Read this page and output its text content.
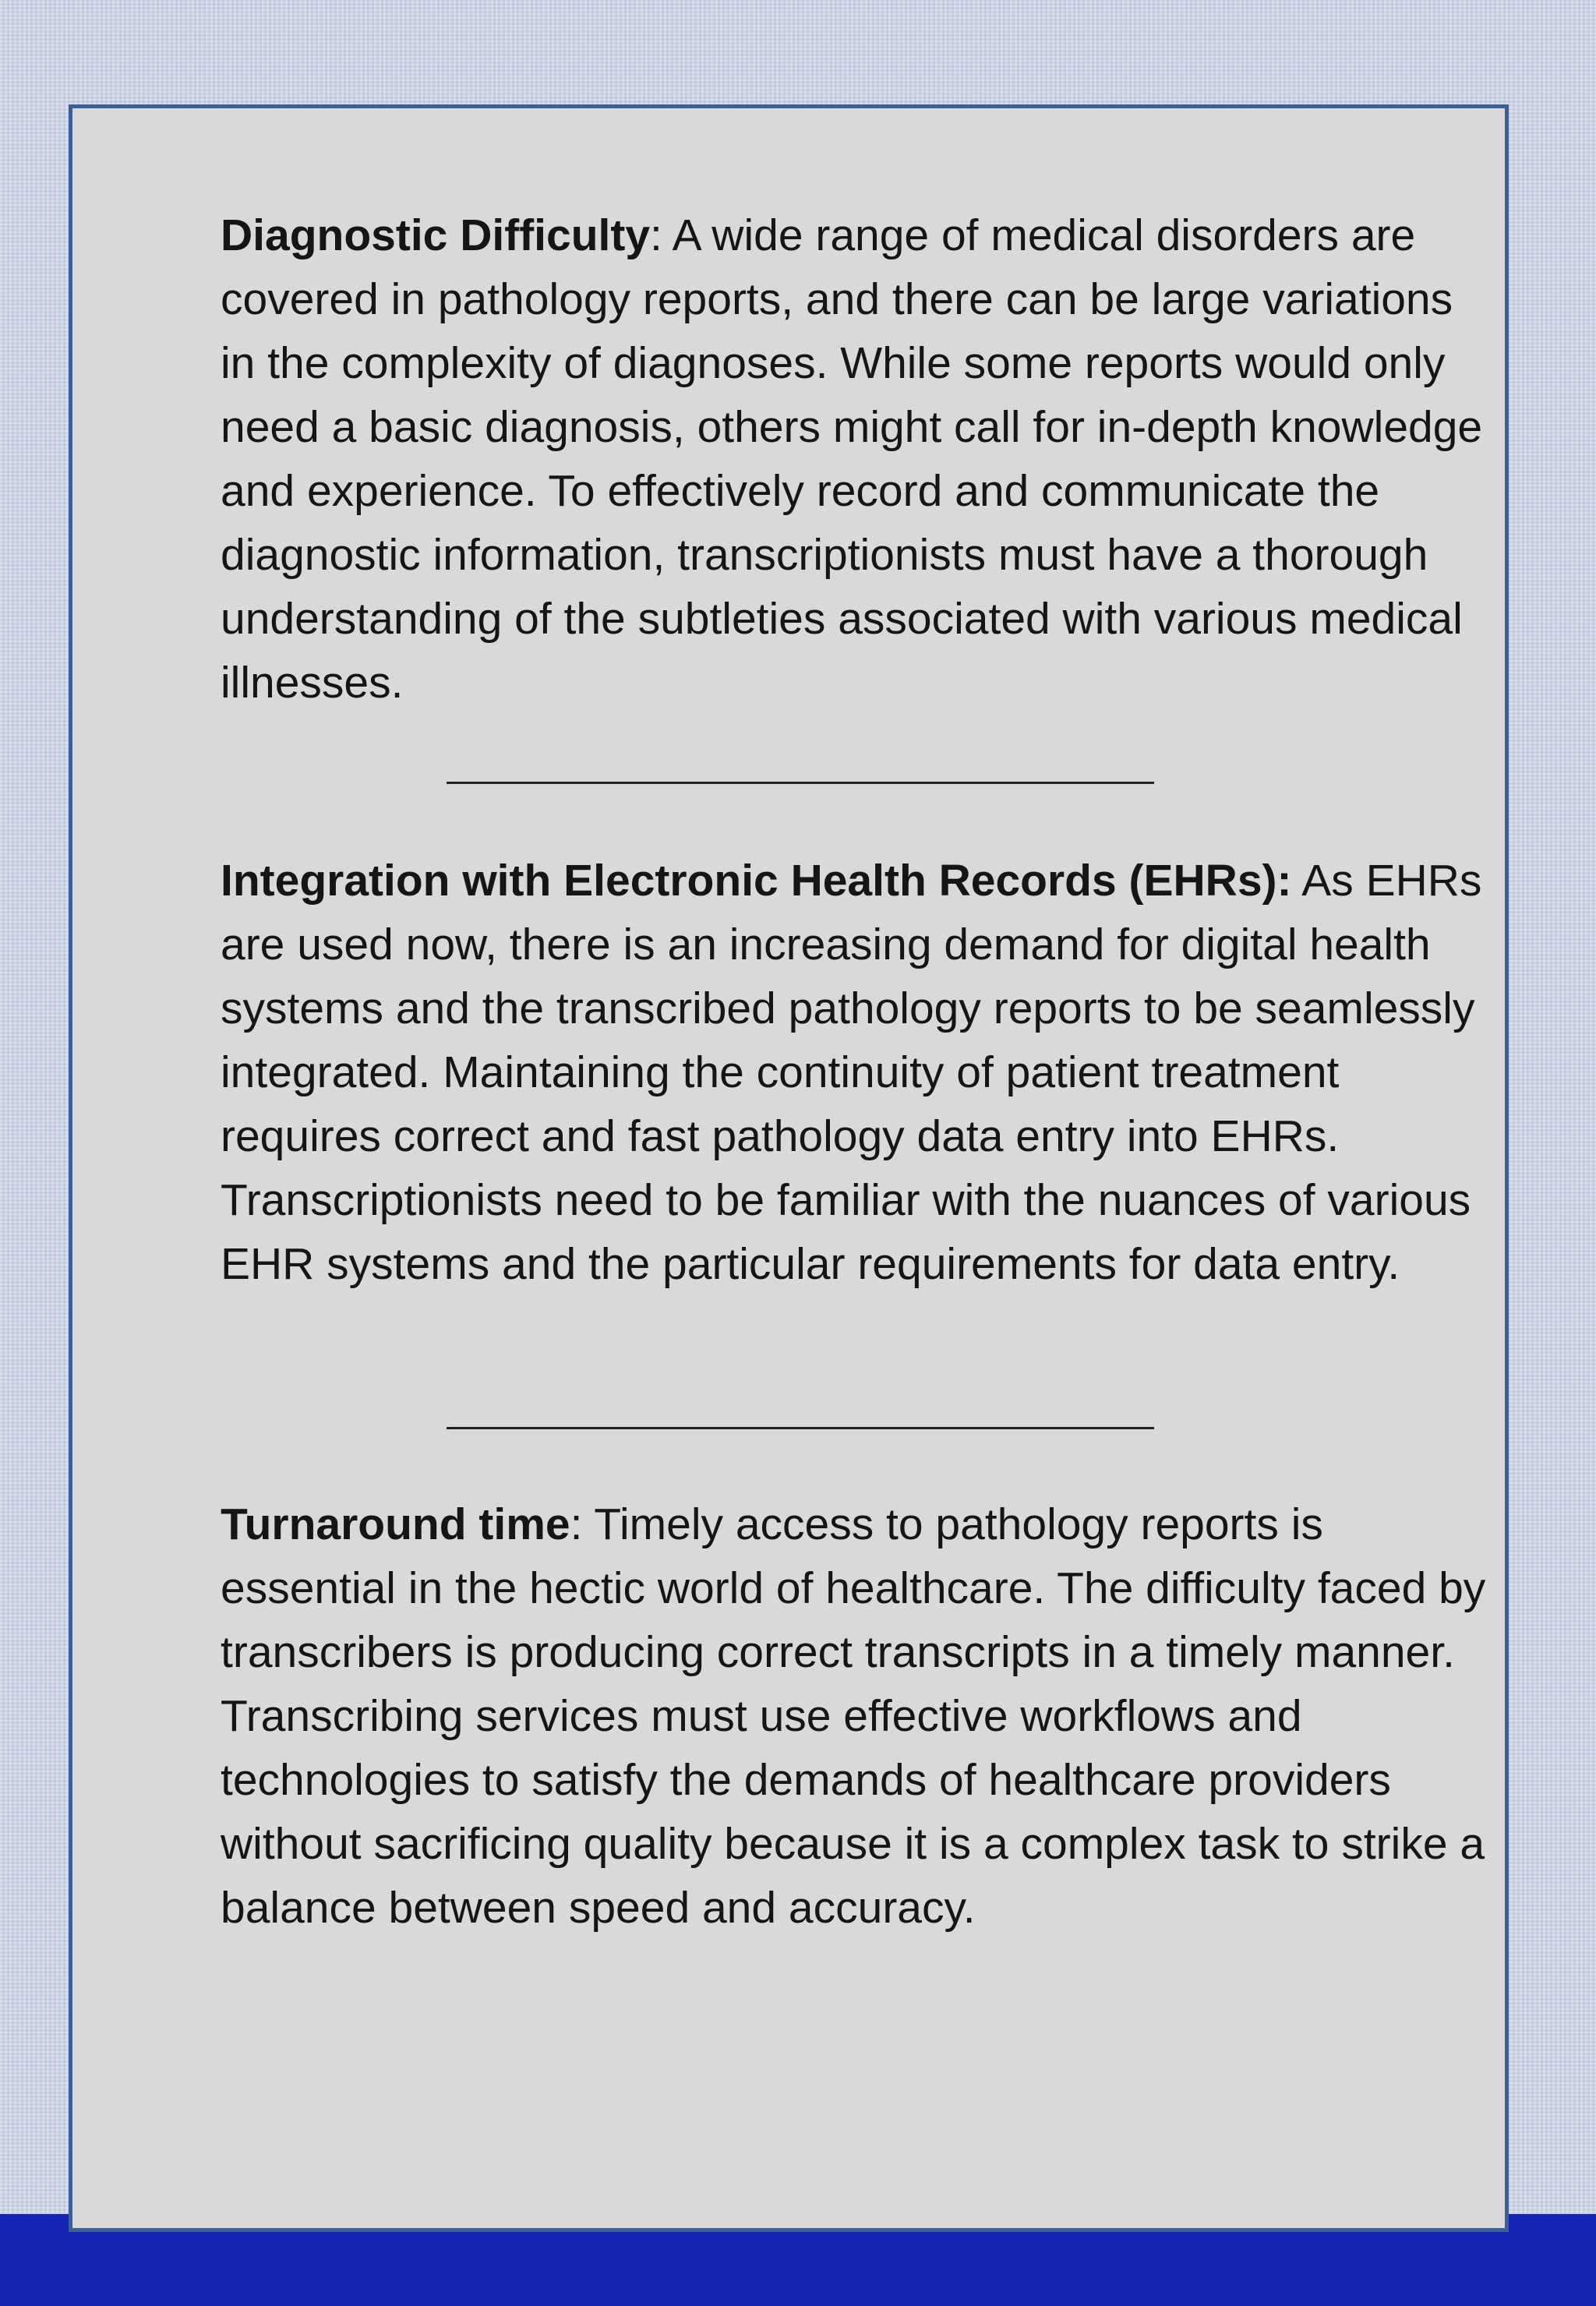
Diagnostic Difficulty: A wide range of medical disorders are covered in pathology reports, and there can be large variations in the complexity of diagnoses. While some reports would only need a basic diagnosis, others might call for in-depth knowledge and experience. To effectively record and communicate the diagnostic information, transcriptionists must have a thorough understanding of the subtleties associated with various medical illnesses.

Integration with Electronic Health Records (EHRs): As EHRs are used now, there is an increasing demand for digital health systems and the transcribed pathology reports to be seamlessly integrated. Maintaining the continuity of patient treatment requires correct and fast pathology data entry into EHRs. Transcriptionists need to be familiar with the nuances of various EHR systems and the particular requirements for data entry.

Turnaround time: Timely access to pathology reports is essential in the hectic world of healthcare. The difficulty faced by transcribers is producing correct transcripts in a timely manner. Transcribing services must use effective workflows and technologies to satisfy the demands of healthcare providers without sacrificing quality because it is a complex task to strike a balance between speed and accuracy.
